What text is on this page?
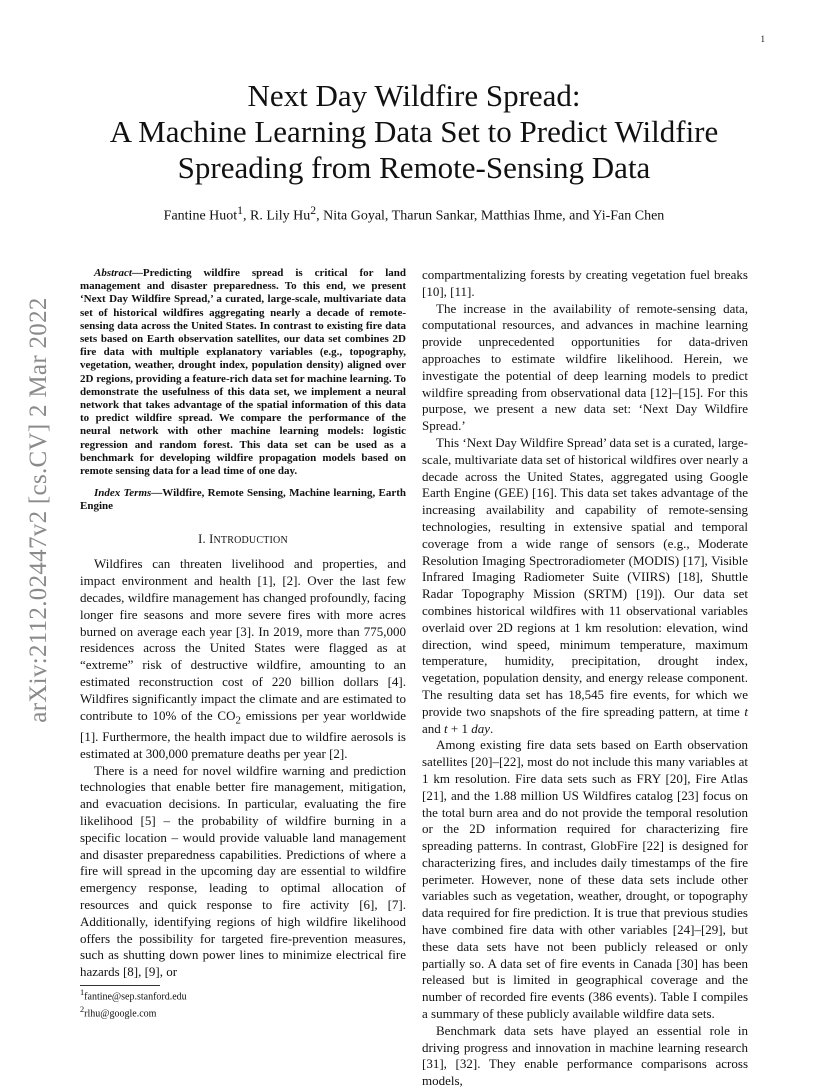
1
arXiv:2112.02447v2 [cs.CV] 2 Mar 2022
Next Day Wildfire Spread:
A Machine Learning Data Set to Predict Wildfire
Spreading from Remote-Sensing Data

Fantine Huot$^1$, R. Lily Hu$^2$, Nita Goyal, Tharun Sankar, Matthias Ihme, and Yi-Fan Chen

Abstract—Predicting wildfire spread is critical for land management and disaster preparedness. To this end, we present ‘Next Day Wildfire Spread,’ a curated, large-scale, multivariate data set of historical wildfires aggregating nearly a decade of remote-sensing data across the United States. In contrast to existing fire data sets based on Earth observation satellites, our data set combines 2D fire data with multiple explanatory variables (e.g., topography, vegetation, weather, drought index, population density) aligned over 2D regions, providing a feature-rich data set for machine learning. To demonstrate the usefulness of this data set, we implement a neural network that takes advantage of the spatial information of this data to predict wildfire spread. We compare the performance of the neural network with other machine learning models: logistic regression and random forest. This data set can be used as a benchmark for developing wildfire propagation models based on remote sensing data for a lead time of one day.

Index Terms—Wildfire, Remote Sensing, Machine learning, Earth Engine

I. INTRODUCTION

Wildfires can threaten livelihood and properties, and impact environment and health [1], [2]. Over the last few decades, wildfire management has changed profoundly, facing longer fire seasons and more severe fires with more acres burned on average each year [3]. In 2019, more than 775,000 residences across the United States were flagged as at “extreme” risk of destructive wildfire, amounting to an estimated reconstruction cost of 220 billion dollars [4]. Wildfires significantly impact the climate and are estimated to contribute to 10% of the $CO_2$ emissions per year worldwide [1]. Furthermore, the health impact due to wildfire aerosols is estimated at 300,000 premature deaths per year [2].

There is a need for novel wildfire warning and prediction technologies that enable better fire management, mitigation, and evacuation decisions. In particular, evaluating the fire likelihood [5] – the probability of wildfire burning in a specific location – would provide valuable land management and disaster preparedness capabilities. Predictions of where a fire will spread in the upcoming day are essential to wildfire emergency response, leading to optimal allocation of resources and quick response to fire activity [6], [7]. Additionally, identifying regions of high wildfire likelihood offers the possibility for targeted fire-prevention measures, such as shutting down power lines to minimize electrical fire hazards [8], [9], or

compartmentalizing forests by creating vegetation fuel breaks [10], [11].

The increase in the availability of remote-sensing data, computational resources, and advances in machine learning provide unprecedented opportunities for data-driven approaches to estimate wildfire likelihood. Herein, we investigate the potential of deep learning models to predict wildfire spreading from observational data [12]–[15]. For this purpose, we present a new data set: ‘Next Day Wildfire Spread.’

This ‘Next Day Wildfire Spread’ data set is a curated, large-scale, multivariate data set of historical wildfires over nearly a decade across the United States, aggregated using Google Earth Engine (GEE) [16]. This data set takes advantage of the increasing availability and capability of remote-sensing technologies, resulting in extensive spatial and temporal coverage from a wide range of sensors (e.g., Moderate Resolution Imaging Spectroradiometer (MODIS) [17], Visible Infrared Imaging Radiometer Suite (VIIRS) [18], Shuttle Radar Topography Mission (SRTM) [19]). Our data set combines historical wildfires with 11 observational variables overlaid over 2D regions at 1 km resolution: elevation, wind direction, wind speed, minimum temperature, maximum temperature, humidity, precipitation, drought index, vegetation, population density, and energy release component. The resulting data set has 18,545 fire events, for which we provide two snapshots of the fire spreading pattern, at time t and t + 1 day.

Among existing fire data sets based on Earth observation satellites [20]–[22], most do not include this many variables at 1 km resolution. Fire data sets such as FRY [20], Fire Atlas [21], and the 1.88 million US Wildfires catalog [23] focus on the total burn area and do not provide the temporal resolution or the 2D information required for characterizing fire spreading patterns. In contrast, GlobFire [22] is designed for characterizing fires, and includes daily timestamps of the fire perimeter. However, none of these data sets include other variables such as vegetation, weather, drought, or topography data required for fire prediction. It is true that previous studies have combined fire data with other variables [24]–[29], but these data sets have not been publicly released or only partially so. A data set of fire events in Canada [30] has been released but is limited in geographical coverage and the number of recorded fire events (386 events). Table I compiles a summary of these publicly available wildfire data sets.

Benchmark data sets have played an essential role in driving progress and innovation in machine learning research [31], [32]. They enable performance comparisons across models,

$^1$fantine@sep.stanford.edu
$^2$rlhu@google.com
